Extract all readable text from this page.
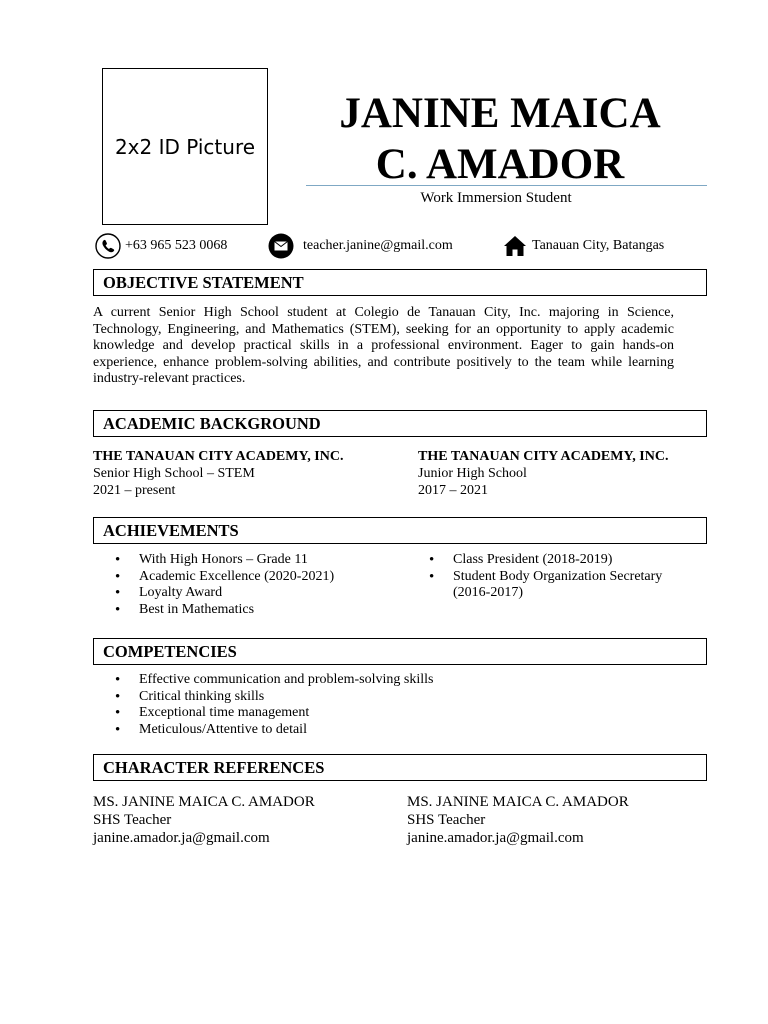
2x2 ID Picture
JANINE MAICA
C. AMADOR
Work Immersion Student
+63 965 523 0068	teacher.janine@gmail.com	Tanauan City, Batangas
OBJECTIVE STATEMENT
A current Senior High School student at Colegio de Tanauan City, Inc. majoring in Science, Technology, Engineering, and Mathematics (STEM), seeking for an opportunity to apply academic knowledge and develop practical skills in a professional environment. Eager to gain hands-on experience, enhance problem-solving abilities, and contribute positively to the team while learning industry-relevant practices.
ACADEMIC BACKGROUND
THE TANAUAN CITY ACADEMY, INC.
Senior High School – STEM
2021 – present
THE TANAUAN CITY ACADEMY, INC.
Junior High School
2017 – 2021
ACHIEVEMENTS
• With High Honors – Grade 11
• Academic Excellence (2020-2021)
• Loyalty Award
• Best in Mathematics
• Class President (2018-2019)
• Student Body Organization Secretary (2016-2017)
COMPETENCIES
• Effective communication and problem-solving skills
• Critical thinking skills
• Exceptional time management
• Meticulous/Attentive to detail
CHARACTER REFERENCES
MS. JANINE MAICA C. AMADOR
SHS Teacher
janine.amador.ja@gmail.com
MS. JANINE MAICA C. AMADOR
SHS Teacher
janine.amador.ja@gmail.com
